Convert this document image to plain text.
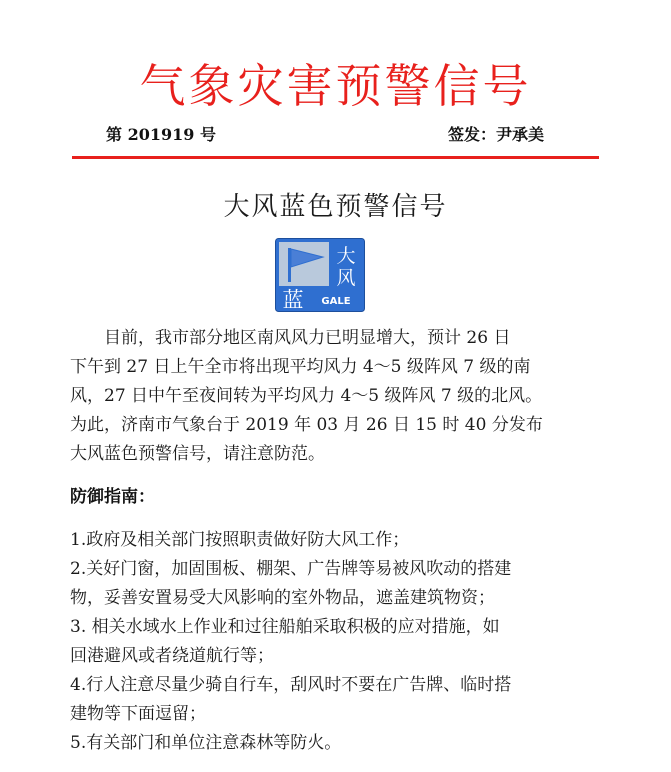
气象灾害预警信号
第 201919 号	签发：尹承美
大风蓝色预警信号
大
风
蓝 GALE
目前，我市部分地区南风风力已明显增大，预计 26 日
下午到 27 日上午全市将出现平均风力 4～5 级阵风 7 级的南
风，27 日中午至夜间转为平均风力 4～5 级阵风 7 级的北风。
为此，济南市气象台于 2019 年 03 月 26 日 15 时 40 分发布
大风蓝色预警信号，请注意防范。
防御指南：
1.政府及相关部门按照职责做好防大风工作；
2.关好门窗，加固围板、棚架、广告牌等易被风吹动的搭建
物，妥善安置易受大风影响的室外物品，遮盖建筑物资；
3. 相关水域水上作业和过往船舶采取积极的应对措施，如
回港避风或者绕道航行等；
4.行人注意尽量少骑自行车，刮风时不要在广告牌、临时搭
建物等下面逗留；
5.有关部门和单位注意森林等防火。
